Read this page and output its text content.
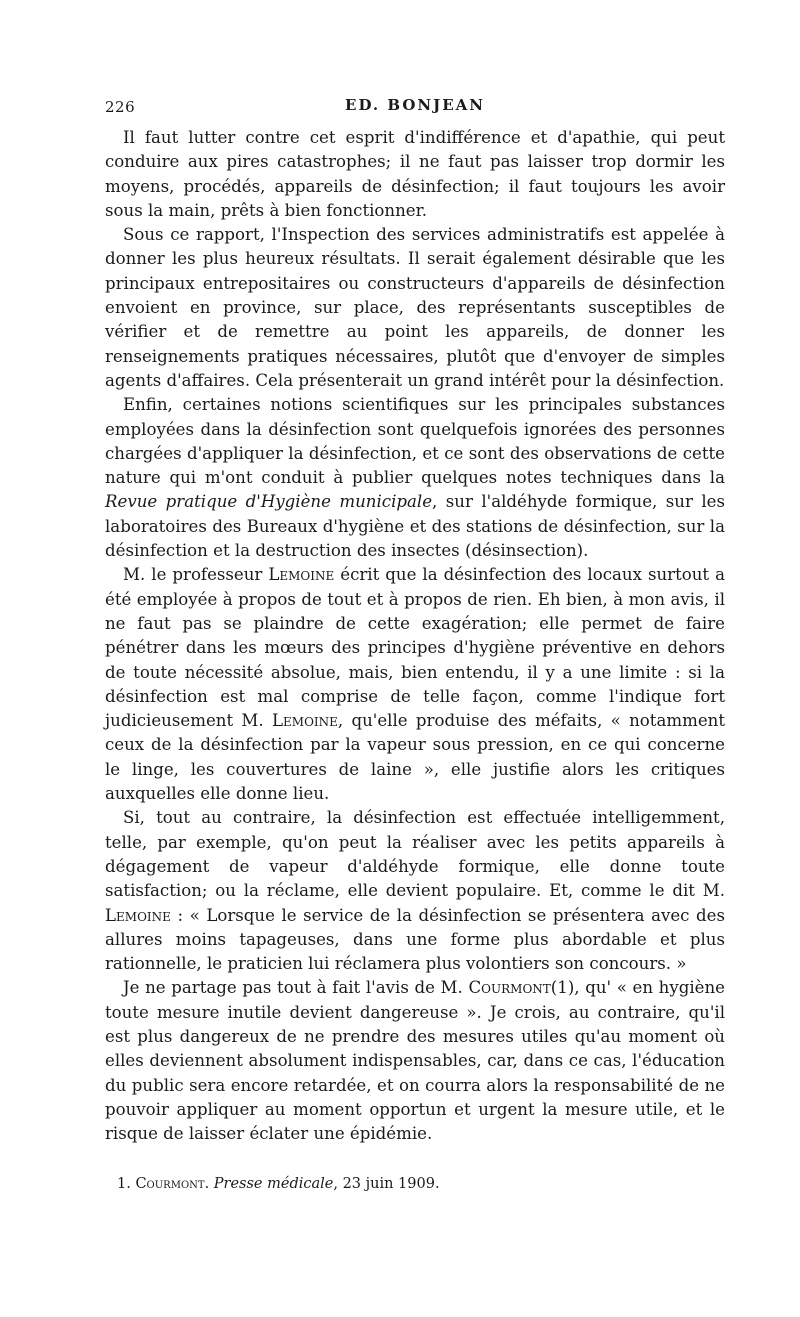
226	ED. BONJEAN

Il faut lutter contre cet esprit d'indifférence et d'apathie, qui peut conduire aux pires catastrophes; il ne faut pas laisser trop dormir les moyens, procédés, appareils de désinfection; il faut toujours les avoir sous la main, prêts à bien fonctionner.

Sous ce rapport, l'Inspection des services administratifs est appelée à donner les plus heureux résultats. Il serait également désirable que les principaux entrepositaires ou constructeurs d'appareils de désinfection envoient en province, sur place, des représentants susceptibles de vérifier et de remettre au point les appareils, de donner les renseignements pratiques nécessaires, plutôt que d'envoyer de simples agents d'affaires. Cela présenterait un grand intérêt pour la désinfection.

Enfin, certaines notions scientifiques sur les principales substances employées dans la désinfection sont quelquefois ignorées des personnes chargées d'appliquer la désinfection, et ce sont des observations de cette nature qui m'ont conduit à publier quelques notes techniques dans la Revue pratique d'Hygiène municipale, sur l'aldéhyde formique, sur les laboratoires des Bureaux d'hygiène et des stations de désinfection, sur la désinfection et la destruction des insectes (désinsection).

M. le professeur Lemoine écrit que la désinfection des locaux surtout a été employée à propos de tout et à propos de rien. Eh bien, à mon avis, il ne faut pas se plaindre de cette exagération; elle permet de faire pénétrer dans les mœurs des principes d'hygiène préventive en dehors de toute nécessité absolue, mais, bien entendu, il y a une limite : si la désinfection est mal comprise de telle façon, comme l'indique fort judicieusement M. Lemoine, qu'elle produise des méfaits, « notamment ceux de la désinfection par la vapeur sous pression, en ce qui concerne le linge, les couvertures de laine », elle justifie alors les critiques auxquelles elle donne lieu.

Si, tout au contraire, la désinfection est effectuée intelligemment, telle, par exemple, qu'on peut la réaliser avec les petits appareils à dégagement de vapeur d'aldéhyde formique, elle donne toute satisfaction; ou la réclame, elle devient populaire. Et, comme le dit M. Lemoine : « Lorsque le service de la désinfection se présentera avec des allures moins tapageuses, dans une forme plus abordable et plus rationnelle, le praticien lui réclamera plus volontiers son concours. »

Je ne partage pas tout à fait l'avis de M. Courmont(1), qu' « en hygiène toute mesure inutile devient dangereuse ». Je crois, au contraire, qu'il est plus dangereux de ne prendre des mesures utiles qu'au moment où elles deviennent absolument indispensables, car, dans ce cas, l'éducation du public sera encore retardée, et on courra alors la responsabilité de ne pouvoir appliquer au moment opportun et urgent la mesure utile, et le risque de laisser éclater une épidémie.

1. Courmont. Presse médicale, 23 juin 1909.
